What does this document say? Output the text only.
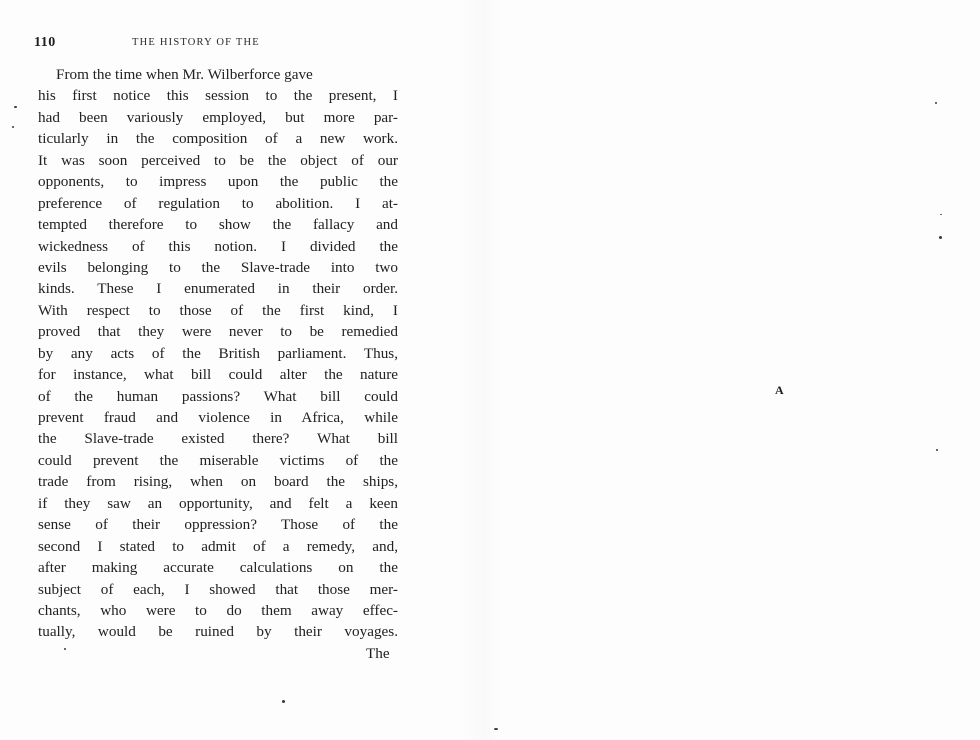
110	THE HISTORY OF THE
From the time when Mr. Wilberforce gave
his first notice this session to the present, I
had been variously employed, but more par-
ticularly in the composition of a new work.
It was soon perceived to be the object of our
opponents, to impress upon the public the
preference of regulation to abolition. I at-
tempted therefore to show the fallacy and
wickedness of this notion. I divided the
evils belonging to the Slave-trade into two
kinds. These I enumerated in their order.
With respect to those of the first kind, I
proved that they were never to be remedied
by any acts of the British parliament. Thus,
for instance, what bill could alter the nature
of the human passions? What bill could
prevent fraud and violence in Africa, while
the Slave-trade existed there? What bill
could prevent the miserable victims of the
trade from rising, when on board the ships,
if they saw an opportunity, and felt a keen
sense of their oppression? Those of the
second I stated to admit of a remedy, and,
after making accurate calculations on the
subject of each, I showed that those mer-
chants, who were to do them away effec-
tually, would be ruined by their voyages.
The
A
